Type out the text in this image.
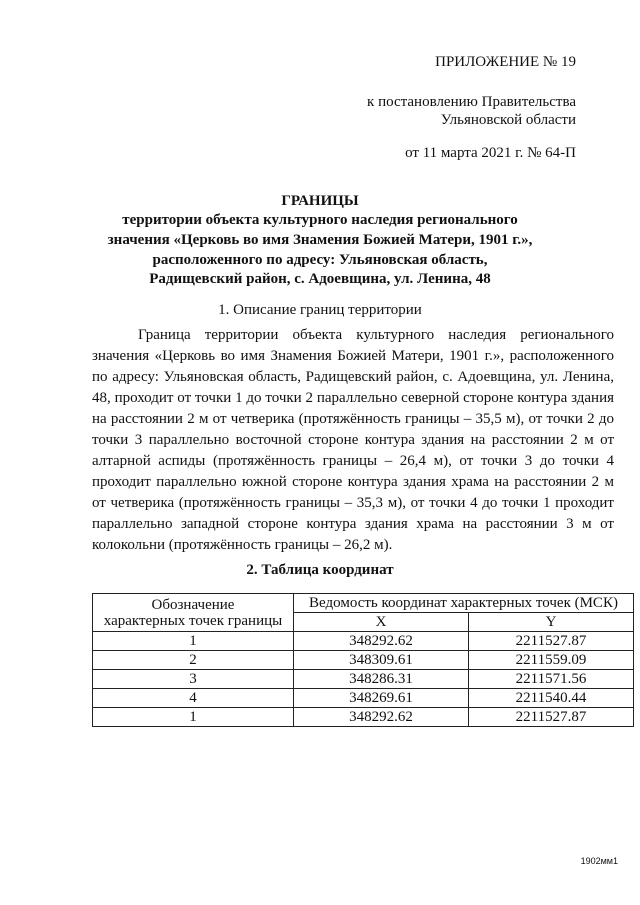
ПРИЛОЖЕНИЕ № 19
к постановлению Правительства
Ульяновской области
от 11 марта 2021 г. № 64-П
ГРАНИЦЫ
территории объекта культурного наследия регионального
значения «Церковь во имя Знамения Божией Матери, 1901 г.»,
расположенного по адресу: Ульяновская область,
Радищевский район, с. Адоевщина, ул. Ленина, 48
1. Описание границ территории
Граница территории объекта культурного наследия регионального значения «Церковь во имя Знамения Божией Матери, 1901 г.», расположенного по адресу: Ульяновская область, Радищевский район, с. Адоевщина, ул. Ленина, 48, проходит от точки 1 до точки 2 параллельно северной стороне контура здания на расстоянии 2 м от четверика (протяжённость границы – 35,5 м), от точки 2 до точки 3 параллельно восточной стороне контура здания на расстоянии 2 м от алтарной аспиды (протяжённость границы – 26,4 м), от точки 3 до точки 4 проходит параллельно южной стороне контура здания храма на расстоянии 2 м от четверика (протяжённость границы – 35,3 м), от точки 4 до точки 1 проходит параллельно западной стороне контура здания храма на расстоянии 3 м от колокольни (протяжённость границы – 26,2 м).
2. Таблица координат
Обозначение
характерных точек границы	Ведомость координат характерных точек (МСК)	
	X	Y
1	348292.62	2211527.87
2	348309.61	2211559.09
3	348286.31	2211571.56
4	348269.61	2211540.44
1	348292.62	2211527.87
1902мм1
